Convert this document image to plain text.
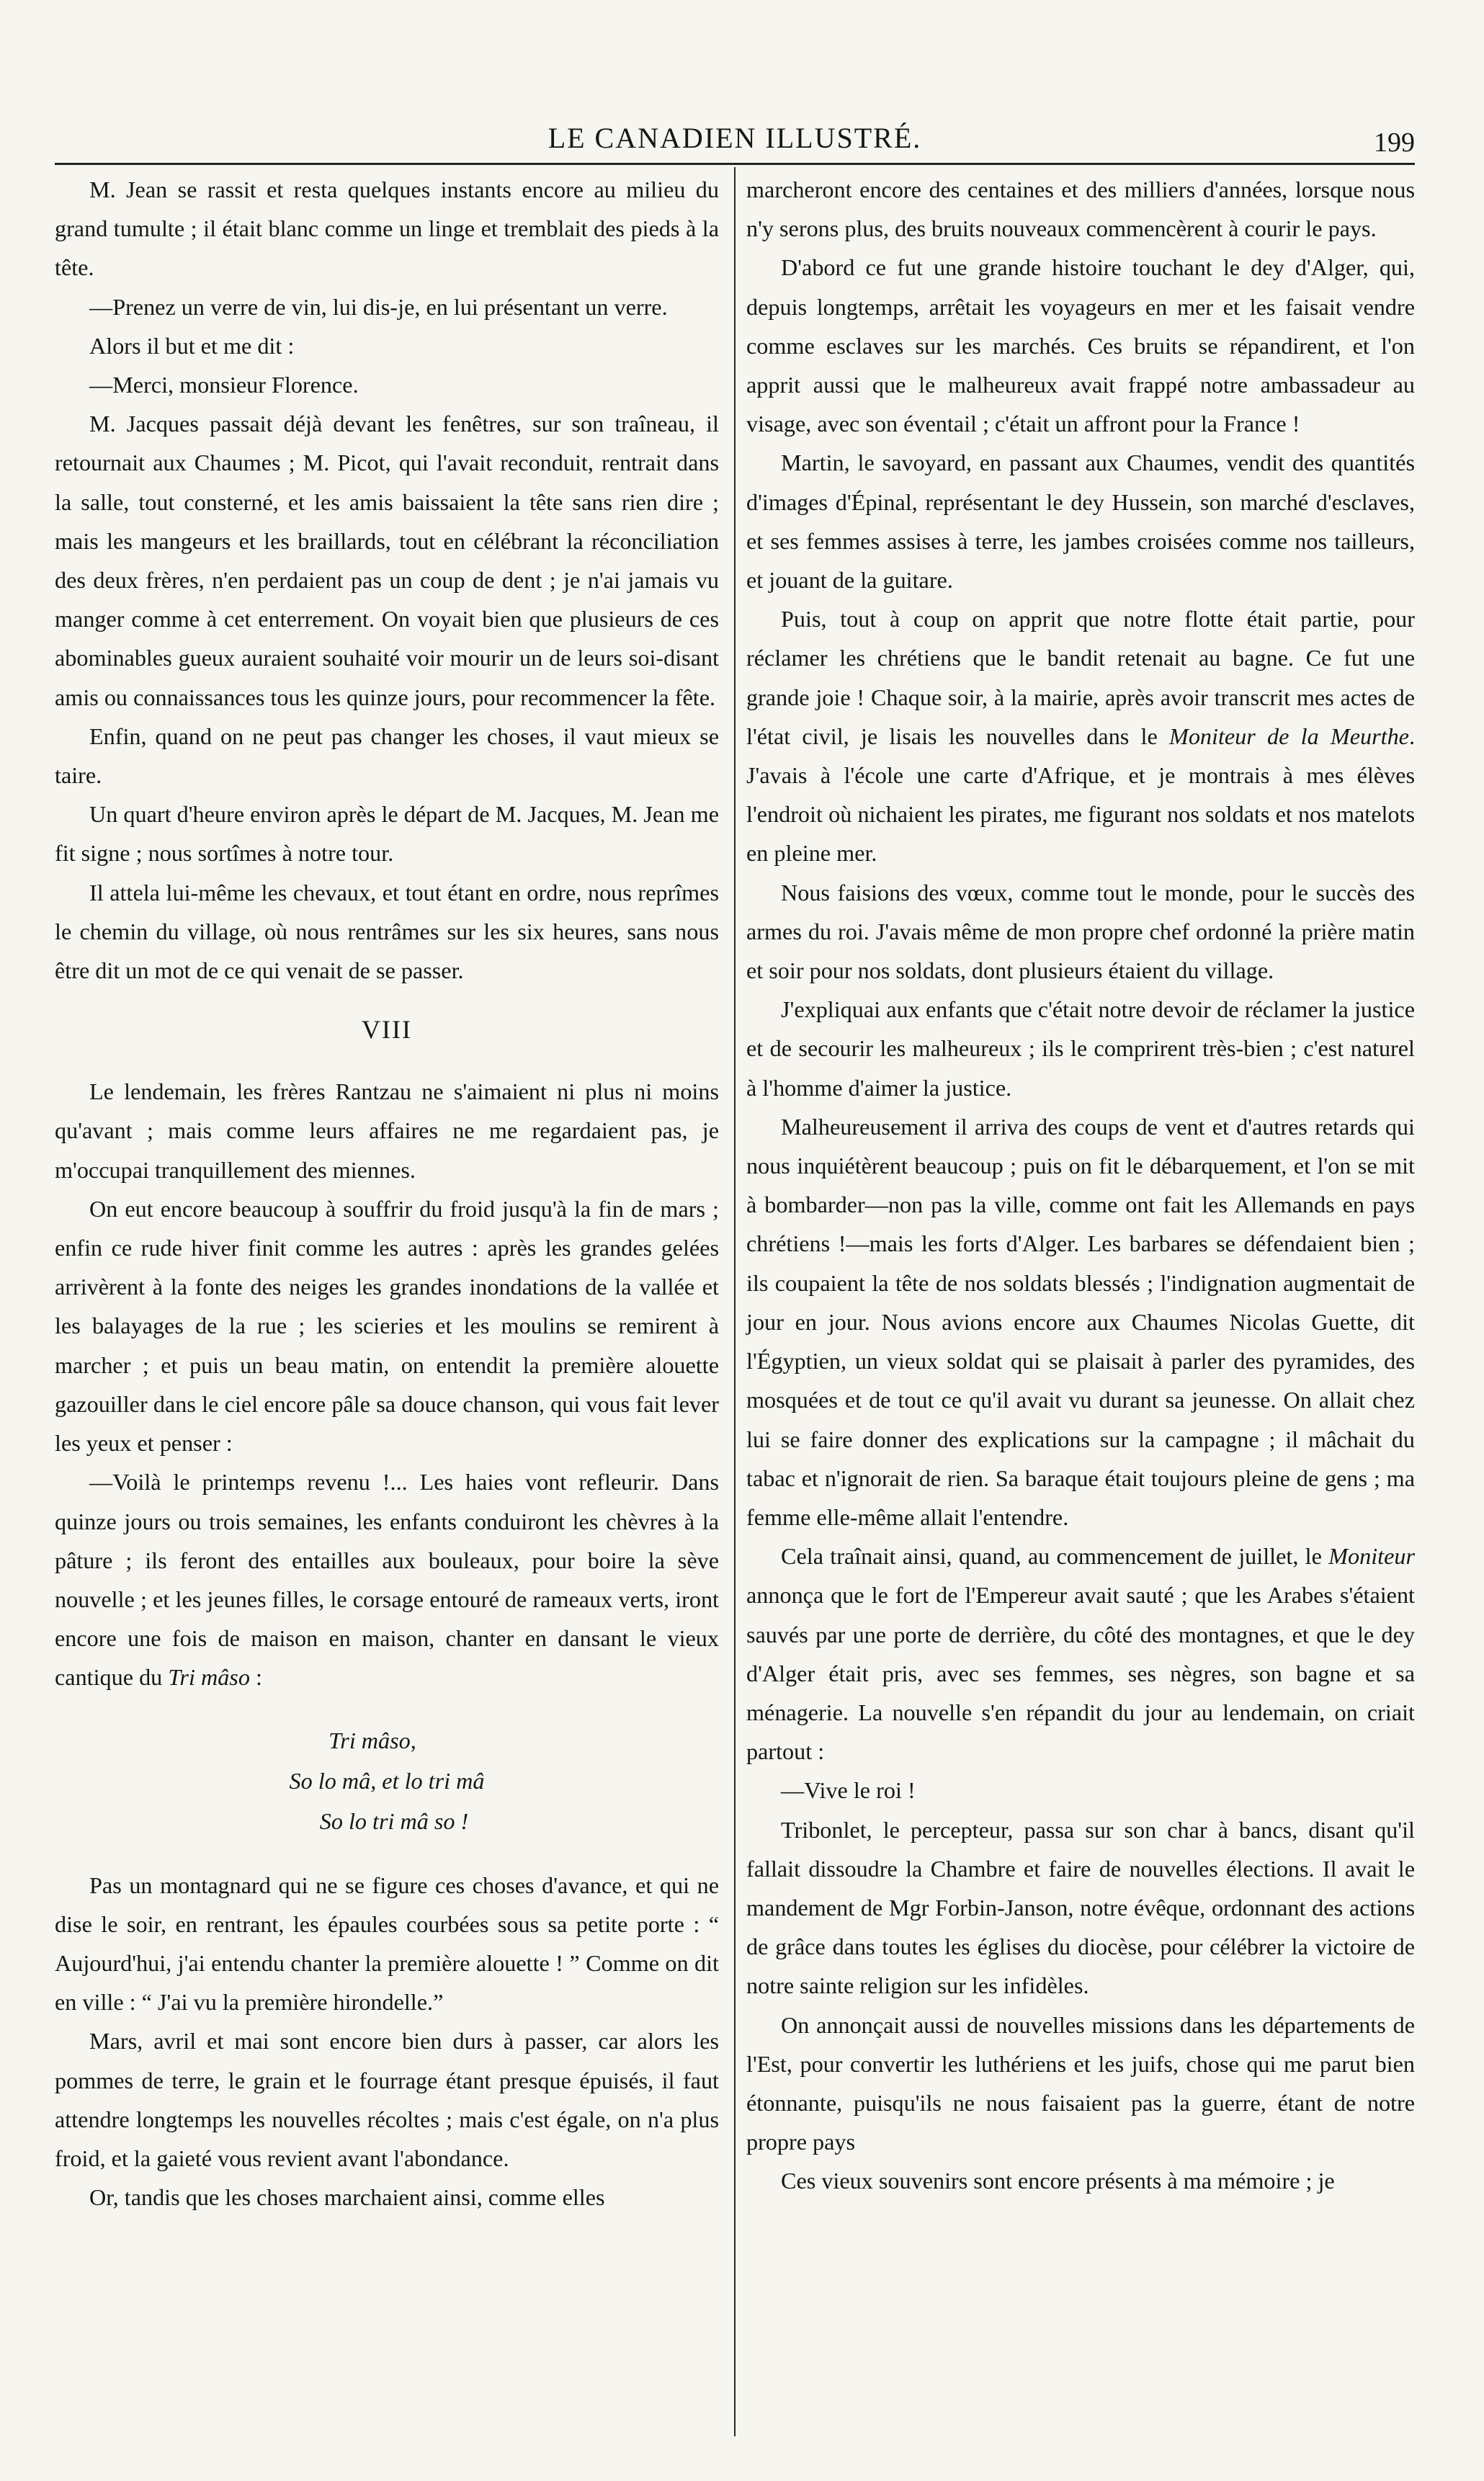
LE CANADIEN ILLUSTRÉ.	199

M. Jean se rassit et resta quelques instants encore au milieu du grand tumulte ; il était blanc comme un linge et tremblait des pieds à la tête.

—Prenez un verre de vin, lui dis-je, en lui présentant un verre.

Alors il but et me dit :

—Merci, monsieur Florence.

M. Jacques passait déjà devant les fenêtres, sur son traîneau, il retournait aux Chaumes ; M. Picot, qui l'avait reconduit, rentrait dans la salle, tout consterné, et les amis baissaient la tête sans rien dire ; mais les mangeurs et les braillards, tout en célébrant la réconciliation des deux frères, n'en perdaient pas un coup de dent ; je n'ai jamais vu manger comme à cet enterrement. On voyait bien que plusieurs de ces abominables gueux auraient souhaité voir mourir un de leurs soi-disant amis ou connaissances tous les quinze jours, pour recommencer la fête.

Enfin, quand on ne peut pas changer les choses, il vaut mieux se taire.

Un quart d'heure environ après le départ de M. Jacques, M. Jean me fit signe ; nous sortîmes à notre tour.

Il attela lui-même les chevaux, et tout étant en ordre, nous reprîmes le chemin du village, où nous rentrâmes sur les six heures, sans nous être dit un mot de ce qui venait de se passer.

VIII

Le lendemain, les frères Rantzau ne s'aimaient ni plus ni moins qu'avant ; mais comme leurs affaires ne me regardaient pas, je m'occupai tranquillement des miennes.

On eut encore beaucoup à souffrir du froid jusqu'à la fin de mars ; enfin ce rude hiver finit comme les autres : après les grandes gelées arrivèrent à la fonte des neiges les grandes inondations de la vallée et les balayages de la rue ; les scieries et les moulins se remirent à marcher ; et puis un beau matin, on entendit la première alouette gazouiller dans le ciel encore pâle sa douce chanson, qui vous fait lever les yeux et penser :

—Voilà le printemps revenu !... Les haies vont refleurir. Dans quinze jours ou trois semaines, les enfants conduiront les chèvres à la pâture ; ils feront des entailles aux bouleaux, pour boire la sève nouvelle ; et les jeunes filles, le corsage entouré de rameaux verts, iront encore une fois de maison en maison, chanter en dansant le vieux cantique du Tri mâso :

Tri mâso,
So lo mâ, et lo tri mâ
So lo tri mâ so !

Pas un montagnard qui ne se figure ces choses d'avance, et qui ne dise le soir, en rentrant, les épaules courbées sous sa petite porte : “ Aujourd'hui, j'ai entendu chanter la première alouette ! ” Comme on dit en ville : “ J'ai vu la première hirondelle.”

Mars, avril et mai sont encore bien durs à passer, car alors les pommes de terre, le grain et le fourrage étant presque épuisés, il faut attendre longtemps les nouvelles récoltes ; mais c'est égale, on n'a plus froid, et la gaieté vous revient avant l'abondance.

Or, tandis que les choses marchaient ainsi, comme elles

marcheront encore des centaines et des milliers d'années, lorsque nous n'y serons plus, des bruits nouveaux commencèrent à courir le pays.

D'abord ce fut une grande histoire touchant le dey d'Alger, qui, depuis longtemps, arrêtait les voyageurs en mer et les faisait vendre comme esclaves sur les marchés. Ces bruits se répandirent, et l'on apprit aussi que le malheureux avait frappé notre ambassadeur au visage, avec son éventail ; c'était un affront pour la France !

Martin, le savoyard, en passant aux Chaumes, vendit des quantités d'images d'Épinal, représentant le dey Hussein, son marché d'esclaves, et ses femmes assises à terre, les jambes croisées comme nos tailleurs, et jouant de la guitare.

Puis, tout à coup on apprit que notre flotte était partie, pour réclamer les chrétiens que le bandit retenait au bagne. Ce fut une grande joie ! Chaque soir, à la mairie, après avoir transcrit mes actes de l'état civil, je lisais les nouvelles dans le Moniteur de la Meurthe. J'avais à l'école une carte d'Afrique, et je montrais à mes élèves l'endroit où nichaient les pirates, me figurant nos soldats et nos matelots en pleine mer.

Nous faisions des vœux, comme tout le monde, pour le succès des armes du roi. J'avais même de mon propre chef ordonné la prière matin et soir pour nos soldats, dont plusieurs étaient du village.

J'expliquai aux enfants que c'était notre devoir de réclamer la justice et de secourir les malheureux ; ils le comprirent très-bien ; c'est naturel à l'homme d'aimer la justice.

Malheureusement il arriva des coups de vent et d'autres retards qui nous inquiétèrent beaucoup ; puis on fit le débarquement, et l'on se mit à bombarder—non pas la ville, comme ont fait les Allemands en pays chrétiens !—mais les forts d'Alger. Les barbares se défendaient bien ; ils coupaient la tête de nos soldats blessés ; l'indignation augmentait de jour en jour. Nous avions encore aux Chaumes Nicolas Guette, dit l'Égyptien, un vieux soldat qui se plaisait à parler des pyramides, des mosquées et de tout ce qu'il avait vu durant sa jeunesse. On allait chez lui se faire donner des explications sur la campagne ; il mâchait du tabac et n'ignorait de rien. Sa baraque était toujours pleine de gens ; ma femme elle-même allait l'entendre.

Cela traînait ainsi, quand, au commencement de juillet, le Moniteur annonça que le fort de l'Empereur avait sauté ; que les Arabes s'étaient sauvés par une porte de derrière, du côté des montagnes, et que le dey d'Alger était pris, avec ses femmes, ses nègres, son bagne et sa ménagerie. La nouvelle s'en répandit du jour au lendemain, on criait partout :

—Vive le roi !

Tribonlet, le percepteur, passa sur son char à bancs, disant qu'il fallait dissoudre la Chambre et faire de nouvelles élections. Il avait le mandement de Mgr Forbin-Janson, notre évêque, ordonnant des actions de grâce dans toutes les églises du diocèse, pour célébrer la victoire de notre sainte religion sur les infidèles.

On annonçait aussi de nouvelles missions dans les départements de l'Est, pour convertir les luthériens et les juifs, chose qui me parut bien étonnante, puisqu'ils ne nous faisaient pas la guerre, étant de notre propre pays

Ces vieux souvenirs sont encore présents à ma mémoire ; je
